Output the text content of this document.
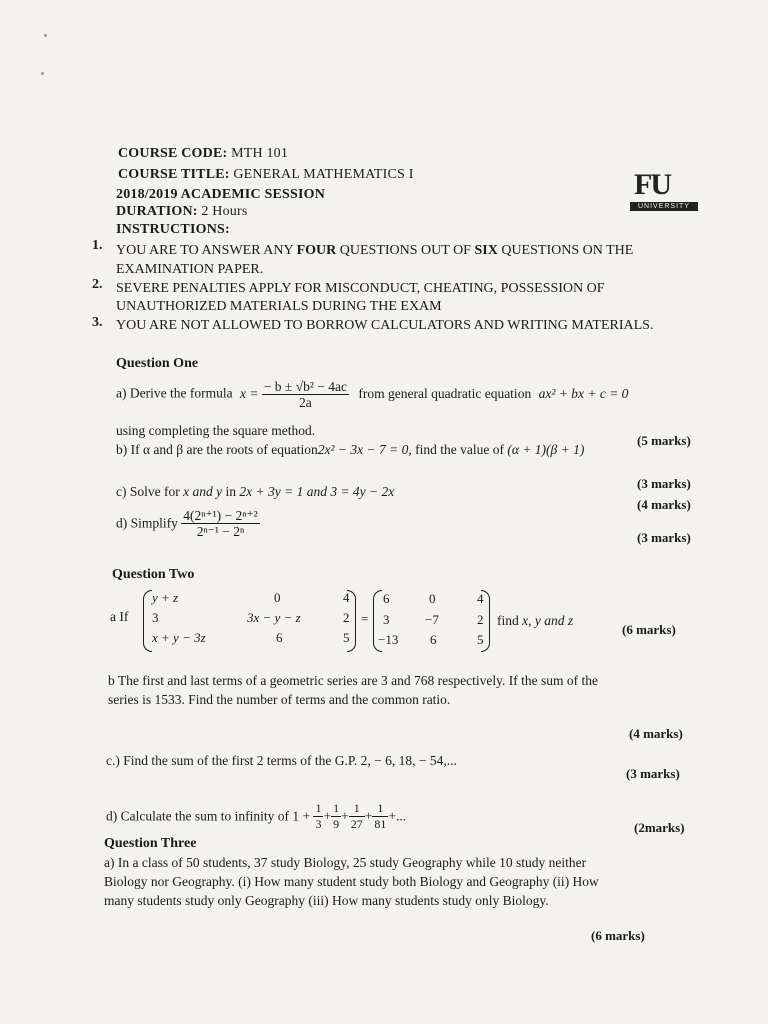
COURSE CODE: MTH 101
COURSE TITLE: GENERAL MATHEMATICS I
2018/2019 ACADEMIC SESSION
DURATION: 2 Hours
INSTRUCTIONS:
FU
UNIVERSITY
1. YOU ARE TO ANSWER ANY FOUR QUESTIONS OUT OF SIX QUESTIONS ON THE
EXAMINATION PAPER.
2. SEVERE PENALTIES APPLY FOR MISCONDUCT, CHEATING, POSSESSION OF
UNAUTHORIZED MATERIALS DURING THE EXAM
3. YOU ARE NOT ALLOWED TO BORROW CALCULATORS AND WRITING MATERIALS.
Question One
a) Derive the formula $x = \frac{\text{− b ± √b² − 4ac}}{2a}$ from general quadratic equation ax² + bx + c = 0
using completing the square method.
(5 marks)
b) If α and β are the roots of equation2x² − 3x − 7 = 0, find the value of (α + 1)(β + 1)
(3 marks)
c) Solve for x and y in 2x + 3y = 1 and 3 = 4y − 2x
(4 marks)
d) Simplify $\frac{\text{4(2ⁿ⁺¹) − 2ⁿ⁺²}}{\text{2ⁿ⁻¹ − 2ⁿ}}$	(3 marks)
Question Two
a If
y + z	0	4
3	3x − y − z	2
x + y − 3z	6	5
=
6	0	4
3	−7	2
−13 6	5
find x, y and z
(6 marks)
b The first and last terms of a geometric series are 3 and 768 respectively. If the sum of the
series is 1533. Find the number of terms and the common ratio.
(4 marks)
c.) Find the sum of the first 2 terms of the G.P. 2, − 6, 18, − 54,...
(3 marks)
d) Calculate the sum to infinity of $1 + \frac{1}{3} + \frac{1}{9} + \frac{1}{27} + \frac{1}{81}$ +...
(2marks)
Question Three
a) In a class of 50 students, 37 study Biology, 25 study Geography while 10 study neither
Biology nor Geography. (i) How many student study both Biology and Geography (ii) How
many students study only Geography (iii) How many students study only Biology.
(6 marks)
